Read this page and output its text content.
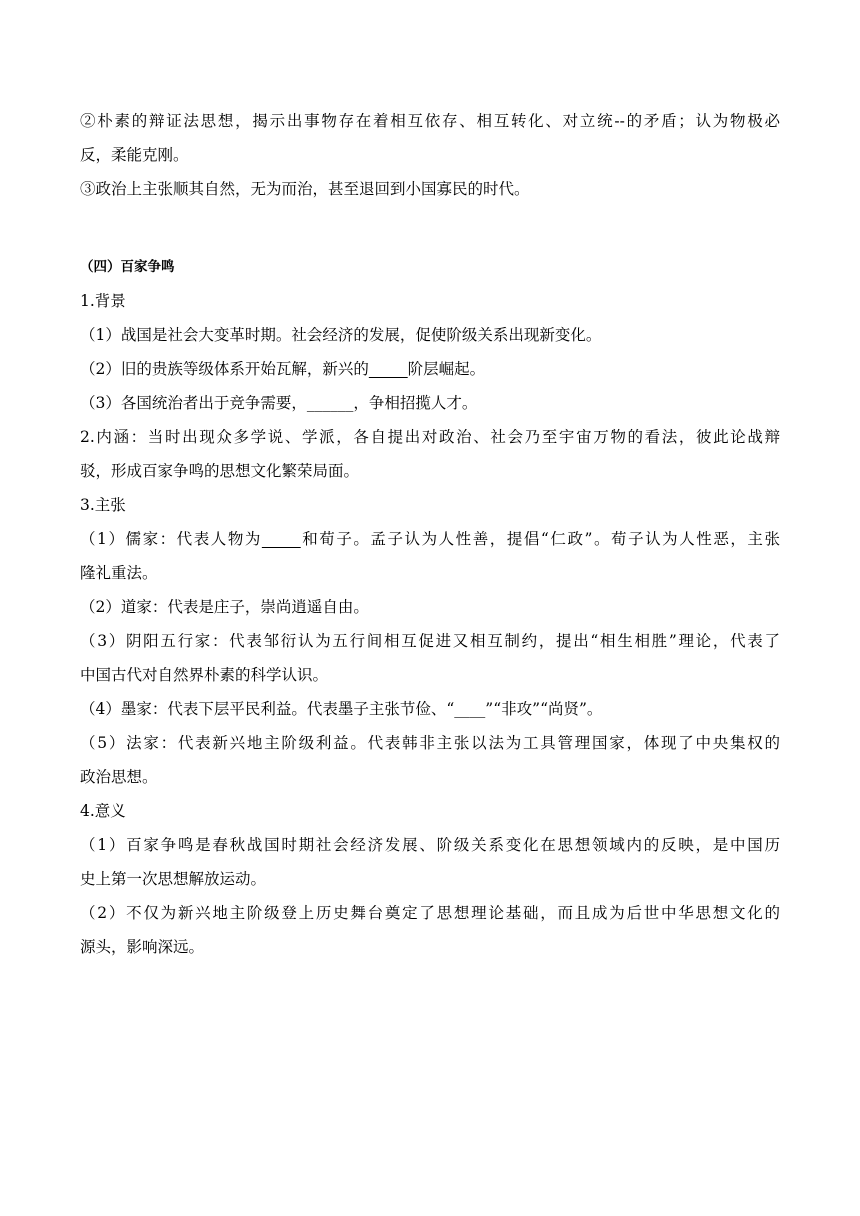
②朴素的辩证法思想，揭示出事物存在着相互依存、相互转化、对立统--的矛盾；认为物极必
反，柔能克刚。
③政治上主张顺其自然，无为而治，甚至退回到小国寡民的时代。
（四）百家争鸣
1.背景
（1）战国是社会大变革时期。社会经济的发展，促使阶级关系出现新变化。
（2）旧的贵族等级体系开始瓦解，新兴的_____阶层崛起。
（3）各国统治者出于竞争需要，______，争相招揽人才。
2.内涵：当时出现众多学说、学派，各自提出对政治、社会乃至宇宙万物的看法，彼此论战辩
驳，形成百家争鸣的思想文化繁荣局面。
3.主张
（1）儒家：代表人物为_____和荀子。孟子认为人性善，提倡“仁政”。荀子认为人性恶，主张
隆礼重法。
（2）道家：代表是庄子，崇尚逍遥自由。
（3）阴阳五行家：代表邹衍认为五行间相互促进又相互制约，提出“相生相胜”理论，代表了
中国古代对自然界朴素的科学认识。
（4）墨家：代表下层平民利益。代表墨子主张节俭、“____”“非攻”“尚贤”。
（5）法家：代表新兴地主阶级利益。代表韩非主张以法为工具管理国家，体现了中央集权的
政治思想。
4.意义
（1）百家争鸣是春秋战国时期社会经济发展、阶级关系变化在思想领域内的反映，是中国历
史上第一次思想解放运动。
（2）不仅为新兴地主阶级登上历史舞台奠定了思想理论基础，而且成为后世中华思想文化的
源头，影响深远。
